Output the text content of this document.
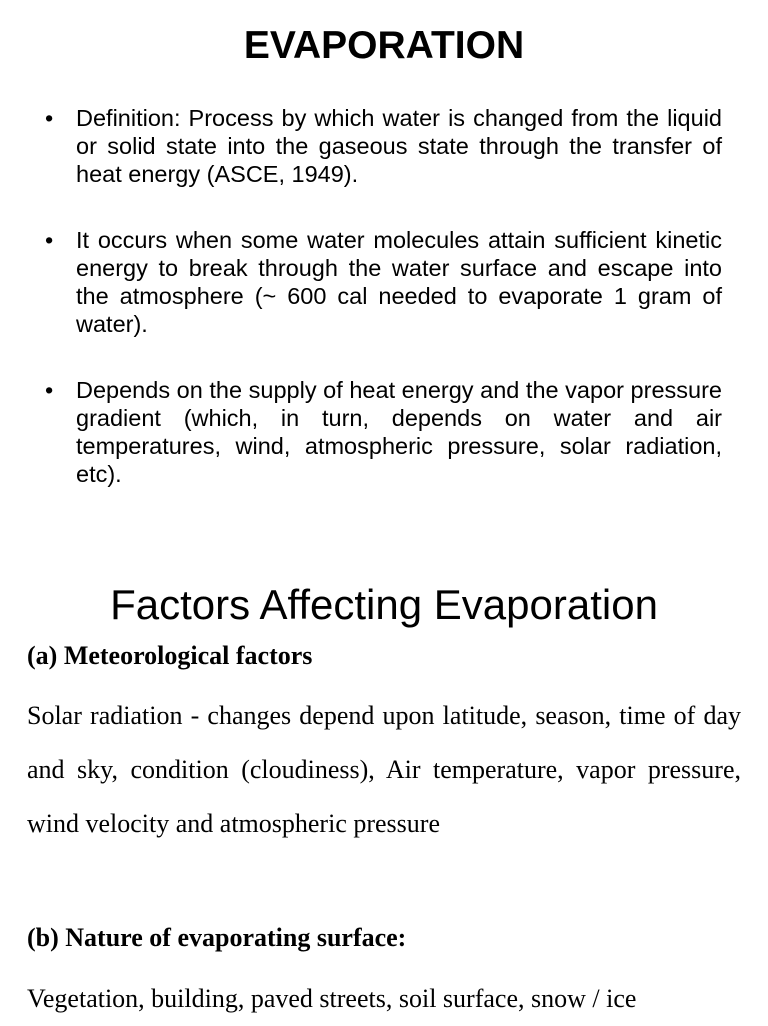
EVAPORATION
• Definition: Process by which water is changed from the liquid or solid state into the gaseous state through the transfer of heat energy (ASCE, 1949).
• It occurs when some water molecules attain sufficient kinetic energy to break through the water surface and escape into the atmosphere (~ 600 cal needed to evaporate 1 gram of water).
• Depends on the supply of heat energy and the vapor pressure gradient (which, in turn, depends on water and air temperatures, wind, atmospheric pressure, solar radiation, etc).
Factors Affecting Evaporation
(a) Meteorological factors

Solar radiation - changes depend upon latitude, season, time of day and sky, condition (cloudiness), Air temperature, vapor pressure, wind velocity and atmospheric pressure

(b) Nature of evaporating surface:

Vegetation, building, paved streets, soil surface, snow / ice
